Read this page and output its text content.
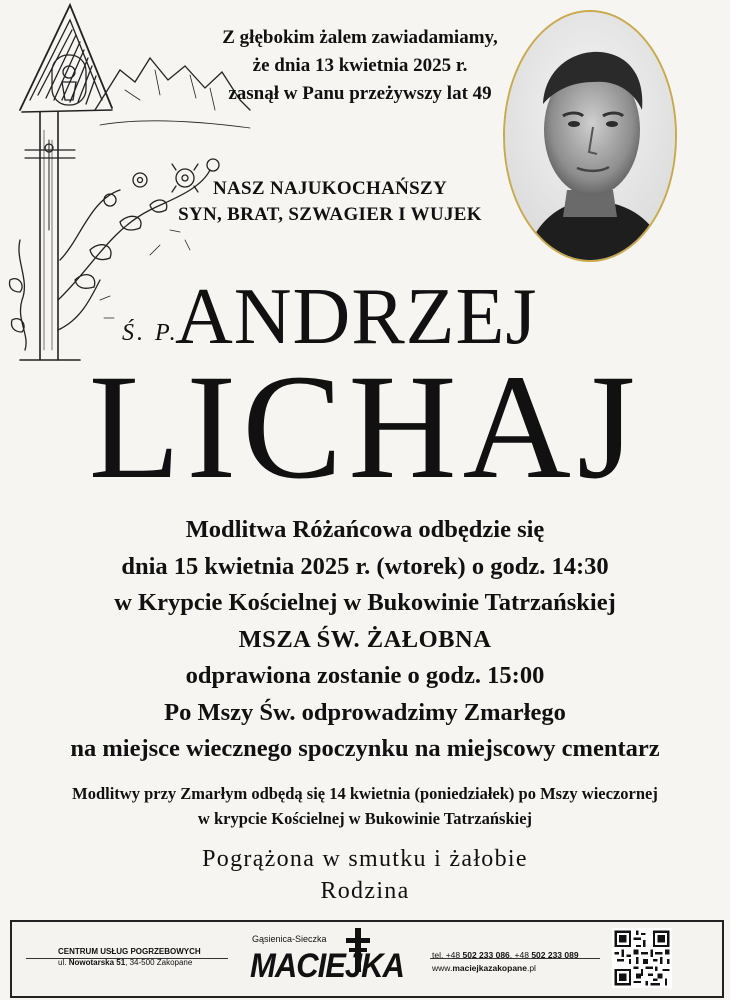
Z głębokim żalem zawiadamiamy,
że dnia 13 kwietnia 2025 r.
zasnął w Panu przeżywszy lat 49
NASZ NAJUKOCHAŃSZY
SYN, BRAT, SZWAGIER I WUJEK
Ś. P.
ANDRZEJ
LICHAJ
Modlitwa Różańcowa odbędzie się
dnia 15 kwietnia 2025 r. (wtorek) o godz. 14:30
w Krypcie Kościelnej w Bukowinie Tatrzańskiej
MSZA ŚW. ŻAŁOBNA
odprawiona zostanie o godz. 15:00
Po Mszy Św. odprowadzimy Zmarłego
na miejsce wiecznego spoczynku na miejscowy cmentarz
Modlitwy przy Zmarłym odbędą się 14 kwietnia (poniedziałek) po Mszy wieczornej
w krypcie Kościelnej w Bukowinie Tatrzańskiej
Pogrążona w smutku i żałobie
Rodzina
CENTRUM USŁUG POGRZEBOWYCH
ul. Nowotarska 51, 34-500 Zakopane
Gąsienica-Sieczka
MACIEJKA	tel. +48 502 233 086, +48 502 233 089
www.maciejkazakopane.pl
